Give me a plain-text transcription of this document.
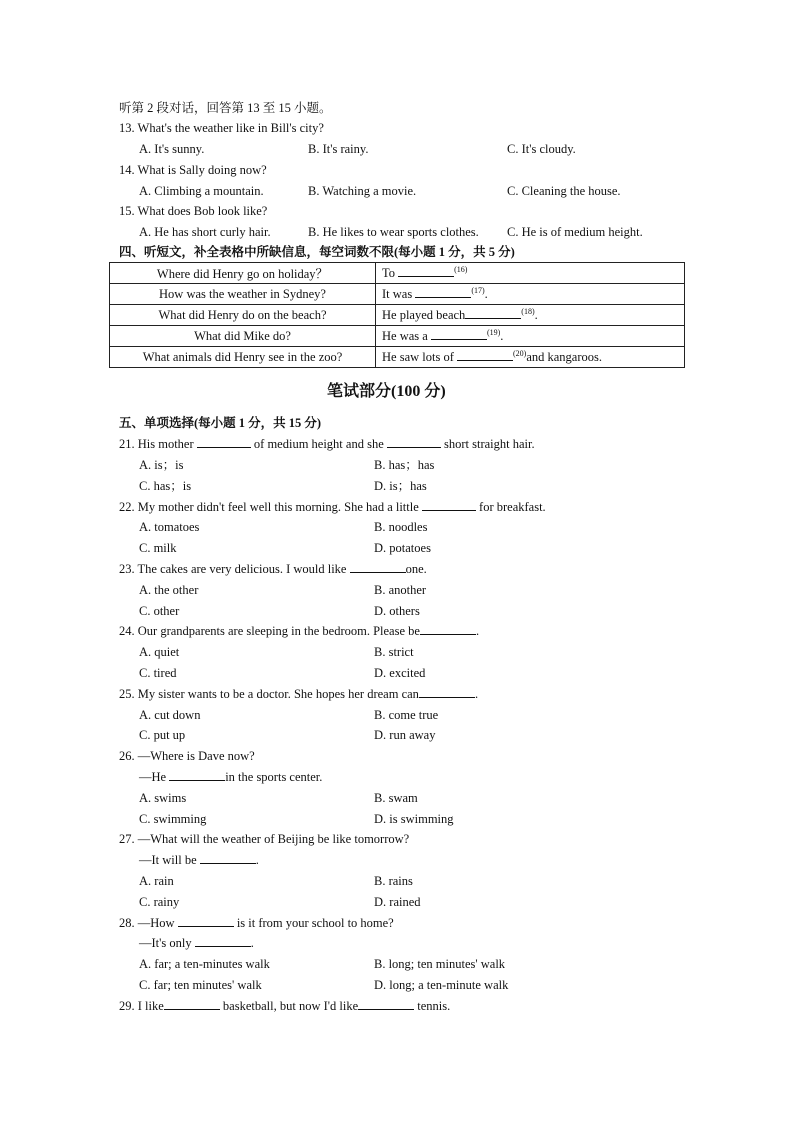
听第 2 段对话，回答第 13 至 15 小题。
13. What's the weather like in Bill's city?
A. It's sunny.	B. It's rainy.	C. It's cloudy.
14. What is Sally doing now?
A. Climbing a mountain.	B. Watching a movie.	C. Cleaning the house.
15. What does Bob look like?
A. He has short curly hair.	B. He likes to wear sports clothes. C. He is of medium height.
四、听短文，补全表格中所缺信息，每空词数不限(每小题 1 分，共 5 分)
Where did Henry go on holiday？	To $^{(16)}$
How was the weather in Sydney?	It was $^{(17)}$.
What did Henry do on the beach?	He played beach $^{(18)}$.
What did Mike do?	He was a $^{(19)}$.
What animals did Henry see in the zoo?	He saw lots of $^{(20)}$and kangaroos.
笔试部分(100 分)
五、单项选择(每小题 1 分，共 15 分)
21. His mother	of medium height and she	short straight hair.
A. is；is	B. has；has
C. has；is	D. is；has
22. My mother didn't feel well this morning. She had a little	for breakfast.
A. tomatoes	B. noodles
C. milk	D. potatoes
23. The cakes are very delicious. I would like	one.
A. the other	B. another
C. other	D. others
24. Our grandparents are sleeping in the bedroom. Please be	.
A. quiet	B. strict
C. tired	D. excited
25. My sister wants to be a doctor. She hopes her dream can	.
A. cut down	B. come true
C. put up	D. run away
26. —Where is Dave now?
—He	in the sports center.
A. swims	B. swam
C. swimming	D. is swimming
27. —What will the weather of Beijing be like tomorrow?
—It will be	.
A. rain	B. rains
C. rainy	D. rained
28. —How	is it from your school to home?
—It's only	.
A. far; a ten-minutes walk	B. long; ten minutes' walk
C. far; ten minutes' walk	D. long; a ten-minute walk
29. I like	basketball, but now I'd like	tennis.
